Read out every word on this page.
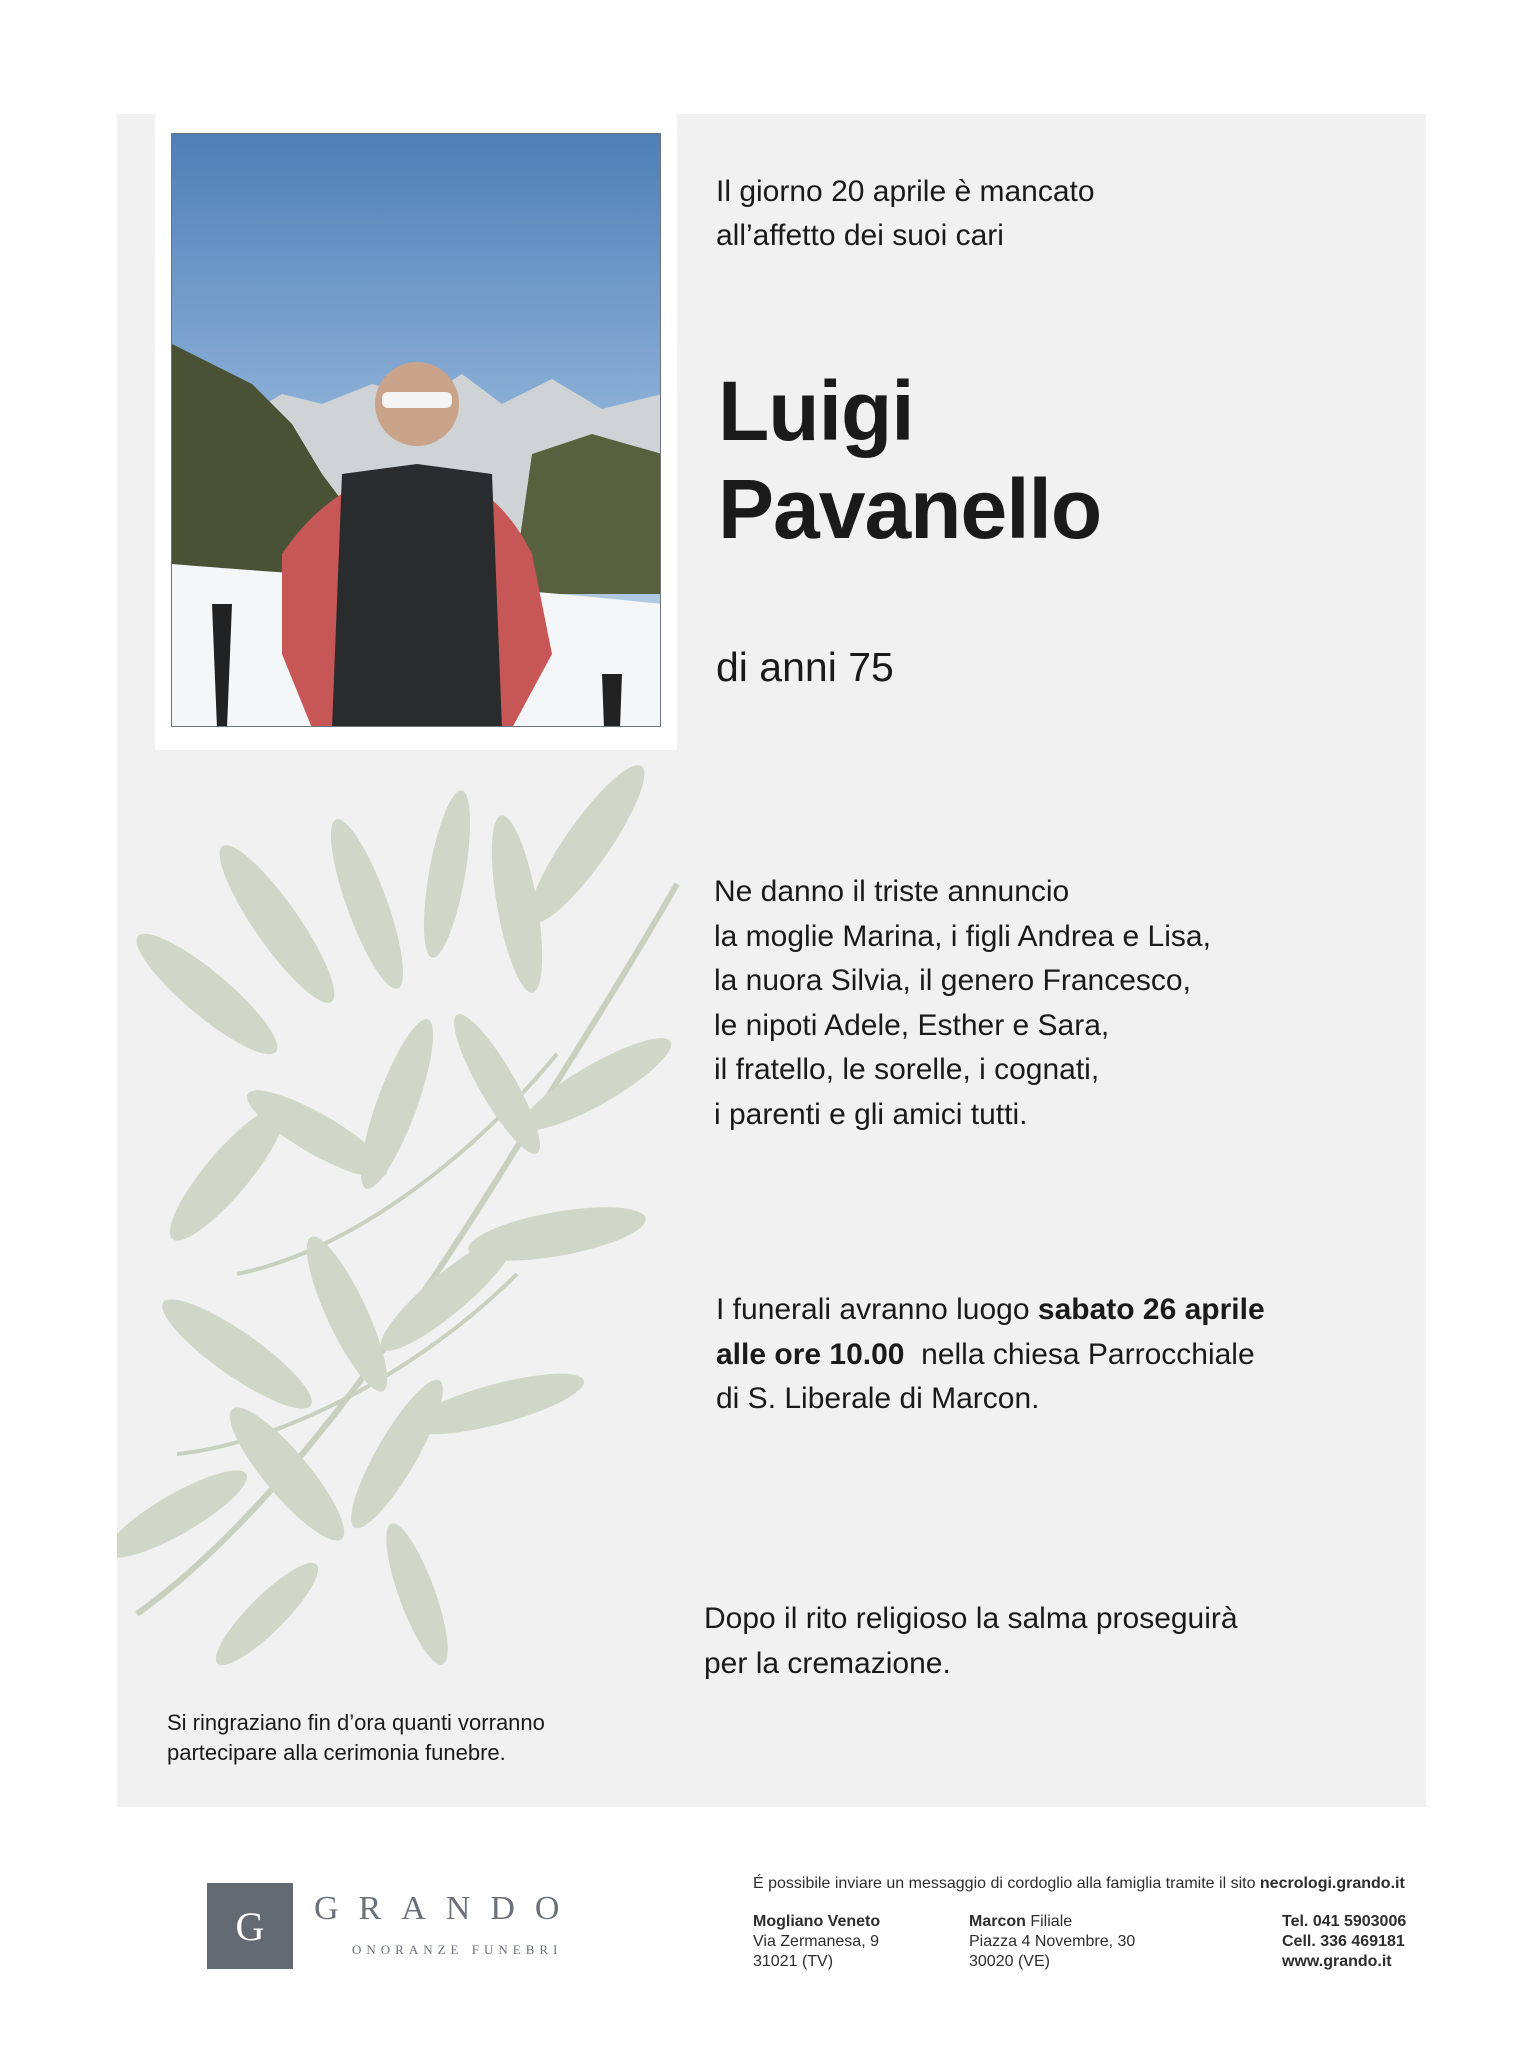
Il giorno 20 aprile è mancato
all’affetto dei suoi cari

Luigi
Pavanello

di anni 75

Ne danno il triste annuncio
la moglie Marina, i figli Andrea e Lisa,
la nuora Silvia, il genero Francesco,
le nipoti Adele, Esther e Sara,
il fratello, le sorelle, i cognati,
i parenti e gli amici tutti.

I funerali avranno luogo sabato 26 aprile
alle ore 10.00  nella chiesa Parrocchiale
di S. Liberale di Marcon.

Dopo il rito religioso la salma proseguirà
per la cremazione.

Si ringraziano fin d’ora quanti vorranno
partecipare alla cerimonia funebre.

G GRANDO

ONORANZE FUNEBRI

É possibile inviare un messaggio di cordoglio alla famiglia tramite il sito necrologi.grando.it

Mogliano Veneto
Via Zermanesa, 9
31021 (TV)
Marcon Filiale
Piazza 4 Novembre, 30
30020 (VE)
Tel. 041 5903006
Cell. 336 469181
www.grando.it
